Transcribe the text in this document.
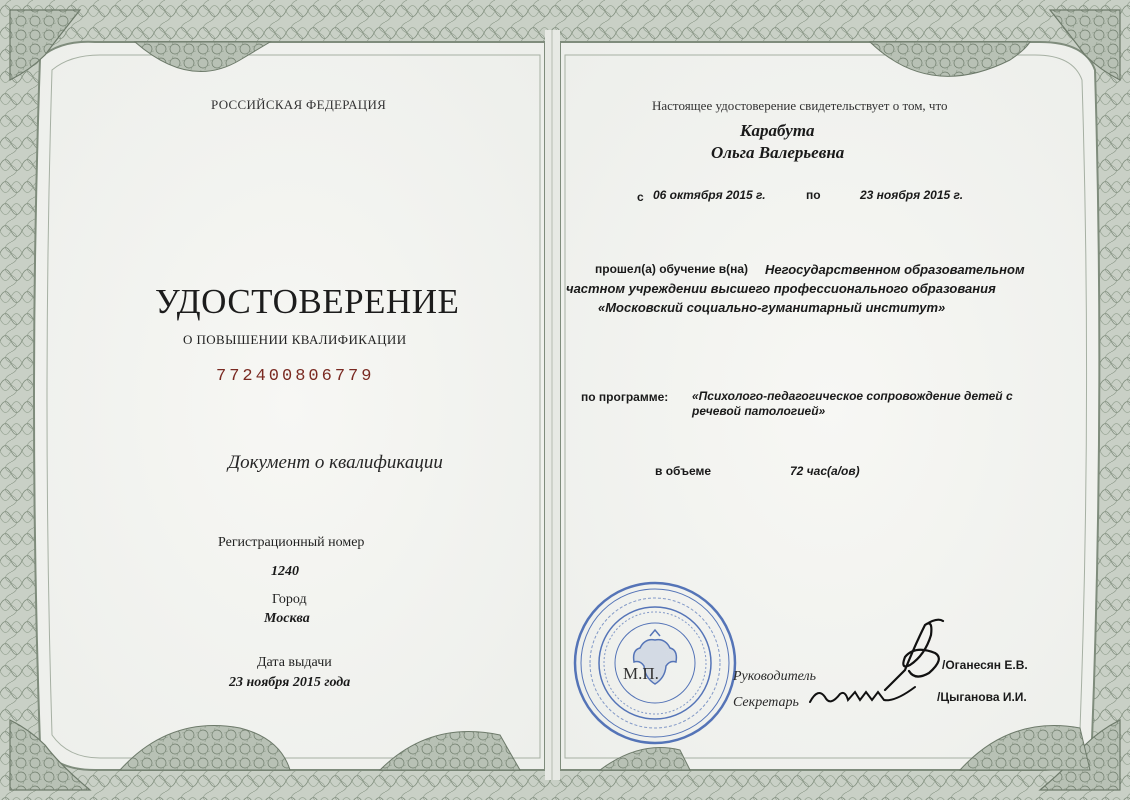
РОССИЙСКАЯ ФЕДЕРАЦИЯ
УДОСТОВЕРЕНИЕ
О ПОВЫШЕНИИ КВАЛИФИКАЦИИ
772400806779
Документ о квалификации
Регистрационный номер
1240
Город
Москва
Дата выдачи
23 ноября 2015 года
Настоящее удостоверение свидетельствует о том, что
Карабута
Ольга Валерьевна
с 06 октября 2015 г.	по	23 ноября 2015 г.
прошел(а) обучение в(на) Негосударственном образовательном
частном учреждении высшего профессионального образования
«Московский социально-гуманитарный институт»
по программе: «Психолого-педагогическое сопровождение детей с
речевой патологией»
в объеме	72 час(а/ов)
М.П.	Руководитель
/Оганесян Е.В.
Секретарь	/Цыганова И.И.
